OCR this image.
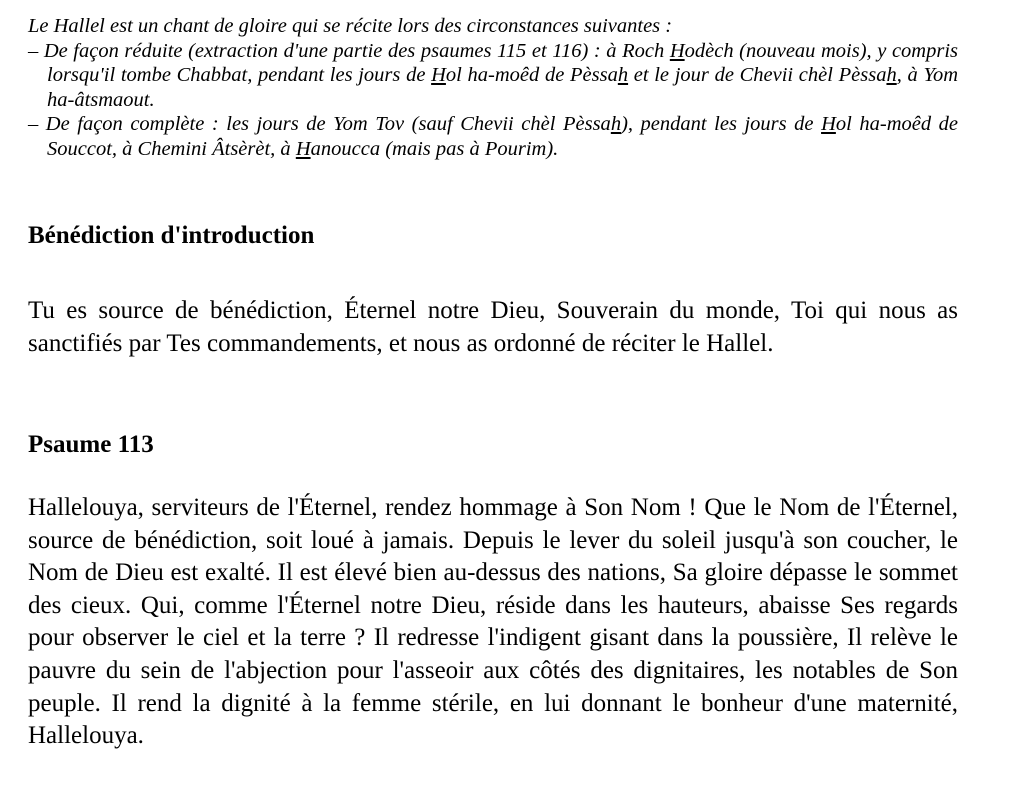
Le Hallel est un chant de gloire qui se récite lors des circonstances suivantes :

– De façon réduite (extraction d'une partie des psaumes 115 et 116) : à Roch Hodèch (nouveau mois), y compris lorsqu'il tombe Chabbat, pendant les jours de Hol ha-moêd de Pèssah et le jour de Chevii chèl Pèssah, à Yom ha-âtsmaout.

– De façon complète : les jours de Yom Tov (sauf Chevii chèl Pèssah), pendant les jours de Hol ha-moêd de Souccot, à Chemini Âtsèrèt, à Hanoucca (mais pas à Pourim).

Bénédiction d'introduction

Tu es source de bénédiction, Éternel notre Dieu, Souverain du monde, Toi qui nous as sanctifiés par Tes commandements, et nous as ordonné de réciter le Hallel.

Psaume 113

Hallelouya, serviteurs de l'Éternel, rendez hommage à Son Nom ! Que le Nom de l'Éternel, source de bénédiction, soit loué à jamais. Depuis le lever du soleil jusqu'à son coucher, le Nom de Dieu est exalté. Il est élevé bien au-dessus des nations, Sa gloire dépasse le sommet des cieux. Qui, comme l'Éternel notre Dieu, réside dans les hauteurs, abaisse Ses regards pour observer le ciel et la terre ? Il redresse l'indigent gisant dans la poussière, Il relève le pauvre du sein de l'abjection pour l'asseoir aux côtés des dignitaires, les notables de Son peuple. Il rend la dignité à la femme stérile, en lui donnant le bonheur d'une maternité, Hallelouya.
